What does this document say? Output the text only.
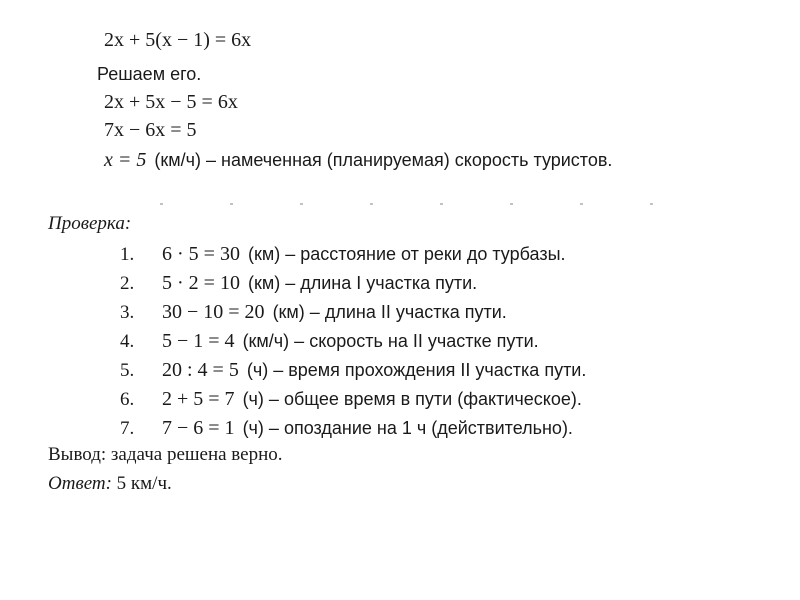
2x + 5(x − 1) = 6x
Решаем его.
2x + 5x − 5 = 6x
7x − 6x = 5
x = 5 (км/ч) – намеченная (планируемая) скорость туристов.
Проверка:
1. 6 · 5 = 30 (км) – расстояние от реки до турбазы.
2. 5 · 2 = 10 (км) – длина I участка пути.
3. 30 − 10 = 20 (км) – длина II участка пути.
4. 5 − 1 = 4 (км/ч) – скорость на II участке пути.
5. 20 : 4 = 5 (ч) – время прохождения II участка пути.
6. 2 + 5 = 7 (ч) – общее время в пути (фактическое).
7. 7 − 6 = 1 (ч) – опоздание на 1 ч (действительно).
Вывод: задача решена верно.
Ответ: 5 км/ч.
